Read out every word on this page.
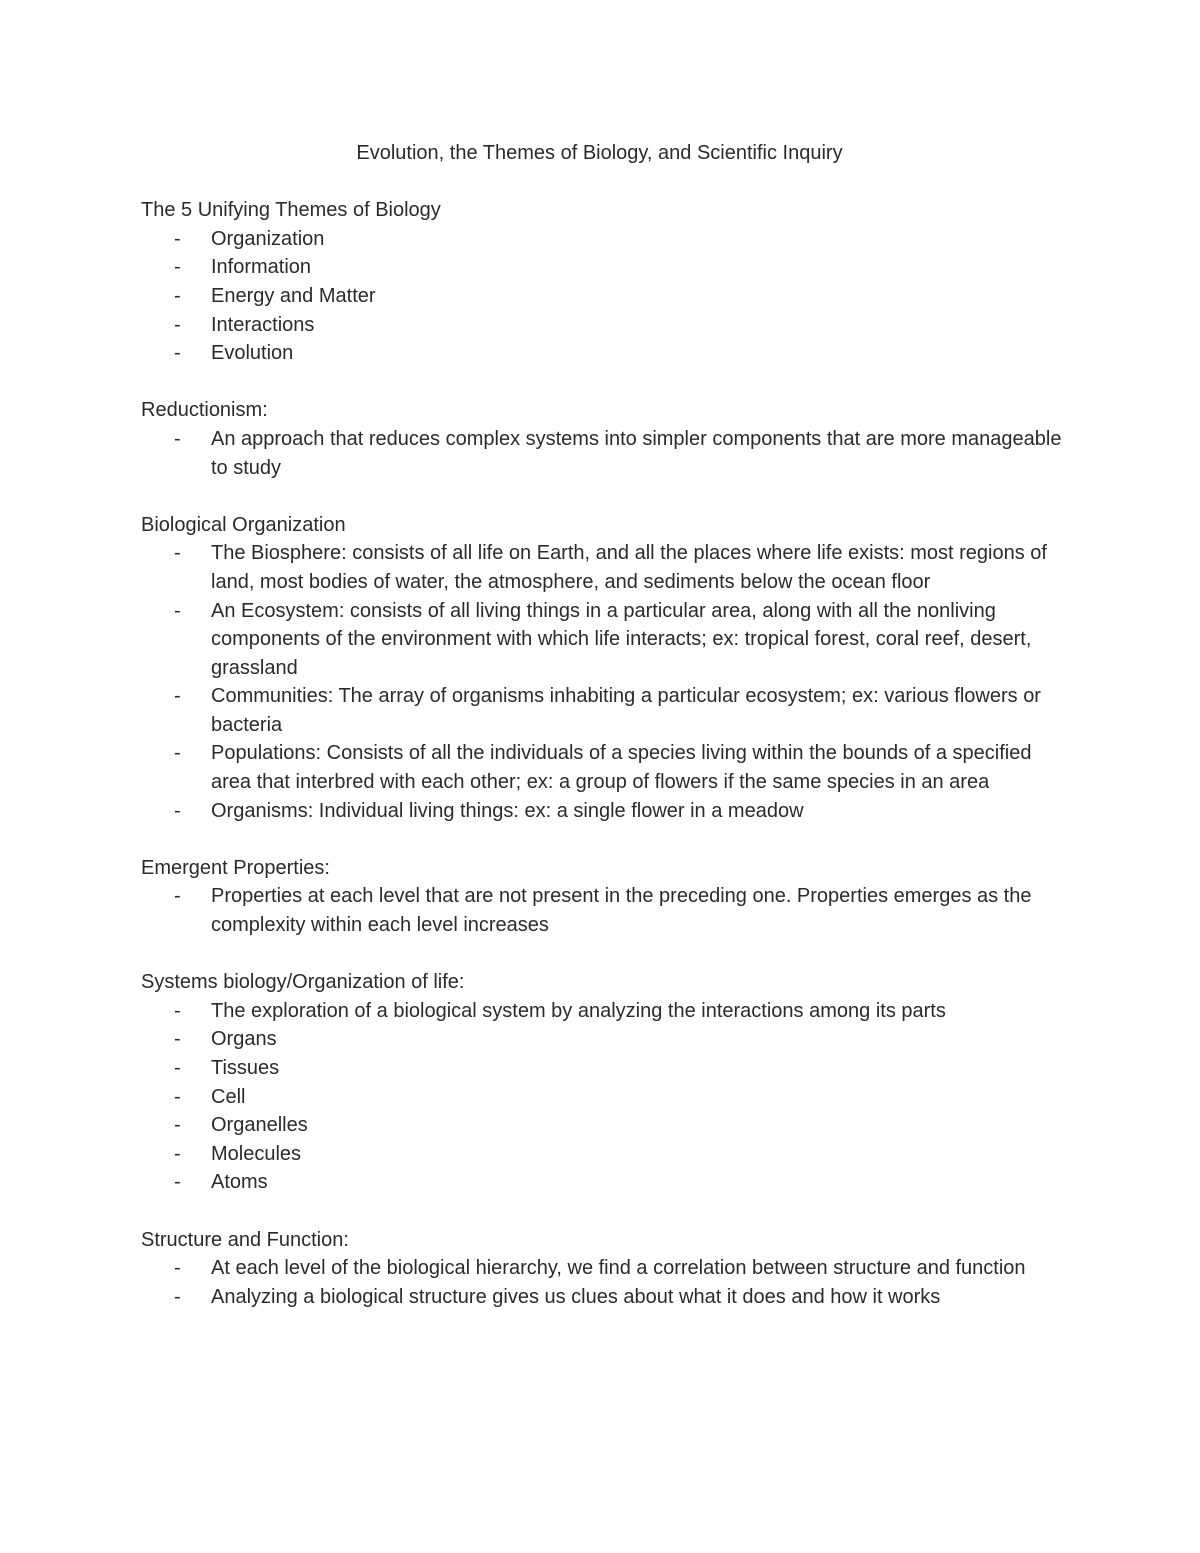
Evolution, the Themes of Biology, and Scientific Inquiry
The 5 Unifying Themes of Biology
- Organization
- Information
- Energy and Matter
- Interactions
- Evolution
Reductionism:
- An approach that reduces complex systems into simpler components that are more manageable to study
Biological Organization
- The Biosphere: consists of all life on Earth, and all the places where life exists: most regions of land, most bodies of water, the atmosphere, and sediments below the ocean floor
- An Ecosystem: consists of all living things in a particular area, along with all the nonliving components of the environment with which life interacts; ex: tropical forest, coral reef, desert, grassland
- Communities: The array of organisms inhabiting a particular ecosystem; ex: various flowers or bacteria
- Populations: Consists of all the individuals of a species living within the bounds of a specified area that interbred with each other; ex: a group of flowers if the same species in an area
- Organisms: Individual living things: ex: a single flower in a meadow
Emergent Properties:
- Properties at each level that are not present in the preceding one. Properties emerges as the complexity within each level increases
Systems biology/Organization of life:
- The exploration of a biological system by analyzing the interactions among its parts
- Organs
- Tissues
- Cell
- Organelles
- Molecules
- Atoms
Structure and Function:
- At each level of the biological hierarchy, we find a correlation between structure and function
- Analyzing a biological structure gives us clues about what it does and how it works
